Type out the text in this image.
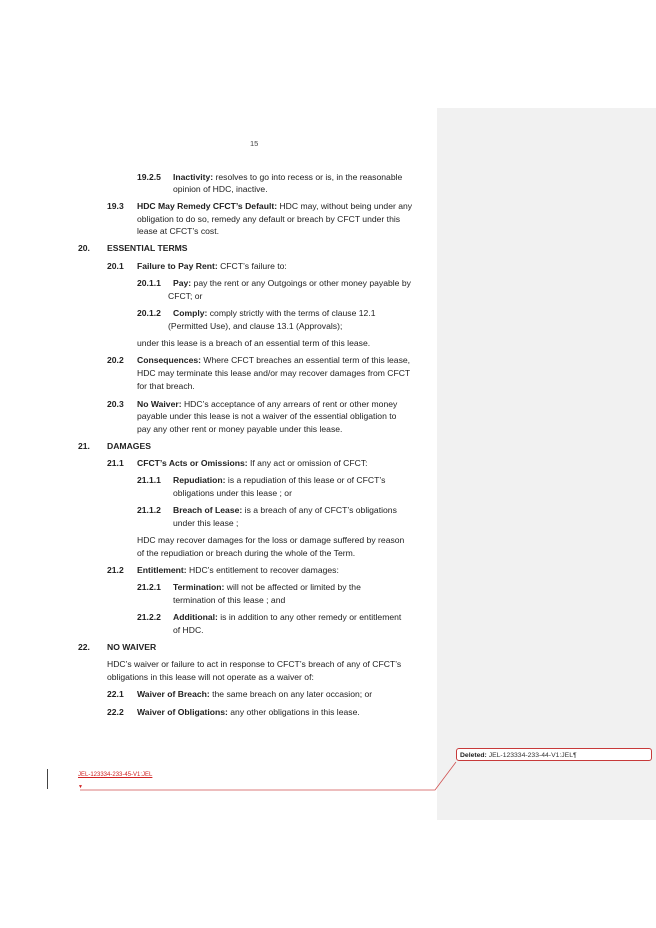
15
19.2.5 Inactivity: resolves to go into recess or is, in the reasonable
opinion of HDC, inactive.
19.3 HDC May Remedy CFCT’s Default: HDC may, without being under any
obligation to do so, remedy any default or breach by CFCT under this
lease at CFCT’s cost.
20. ESSENTIAL TERMS
20.1 Failure to Pay Rent: CFCT’s failure to:
20.1.1 Pay: pay the rent or any Outgoings or other money payable by
CFCT; or
20.1.2 Comply: comply strictly with the terms of clause 12.1
(Permitted Use), and clause 13.1 (Approvals);
under this lease is a breach of an essential term of this lease.
20.2 Consequences: Where CFCT breaches an essential term of this lease,
HDC may terminate this lease and/or may recover damages from CFCT
for that breach.
20.3 No Waiver: HDC’s acceptance of any arrears of rent or other money
payable under this lease is not a waiver of the essential obligation to
pay any other rent or money payable under this lease.
21. DAMAGES
21.1 CFCT’s Acts or Omissions: If any act or omission of CFCT:
21.1.1 Repudiation: is a repudiation of this lease or of CFCT’s
obligations under this lease ; or
21.1.2 Breach of Lease: is a breach of any of CFCT’s obligations
under this lease ;
HDC may recover damages for the loss or damage suffered by reason
of the repudiation or breach during the whole of the Term.
21.2 Entitlement: HDC’s entitlement to recover damages:
21.2.1 Termination: will not be affected or limited by the
termination of this lease ; and
21.2.2 Additional: is in addition to any other remedy or entitlement
of HDC.
22. NO WAIVER
HDC’s waiver or failure to act in response to CFCT’s breach of any of CFCT’s
obligations in this lease will not operate as a waiver of:
22.1 Waiver of Breach: the same breach on any later occasion; or
22.2 Waiver of Obligations: any other obligations in this lease.
JEL-123334-233-45-V1:JEL
▼
Deleted: JEL-123334-233-44-V1:JEL¶
